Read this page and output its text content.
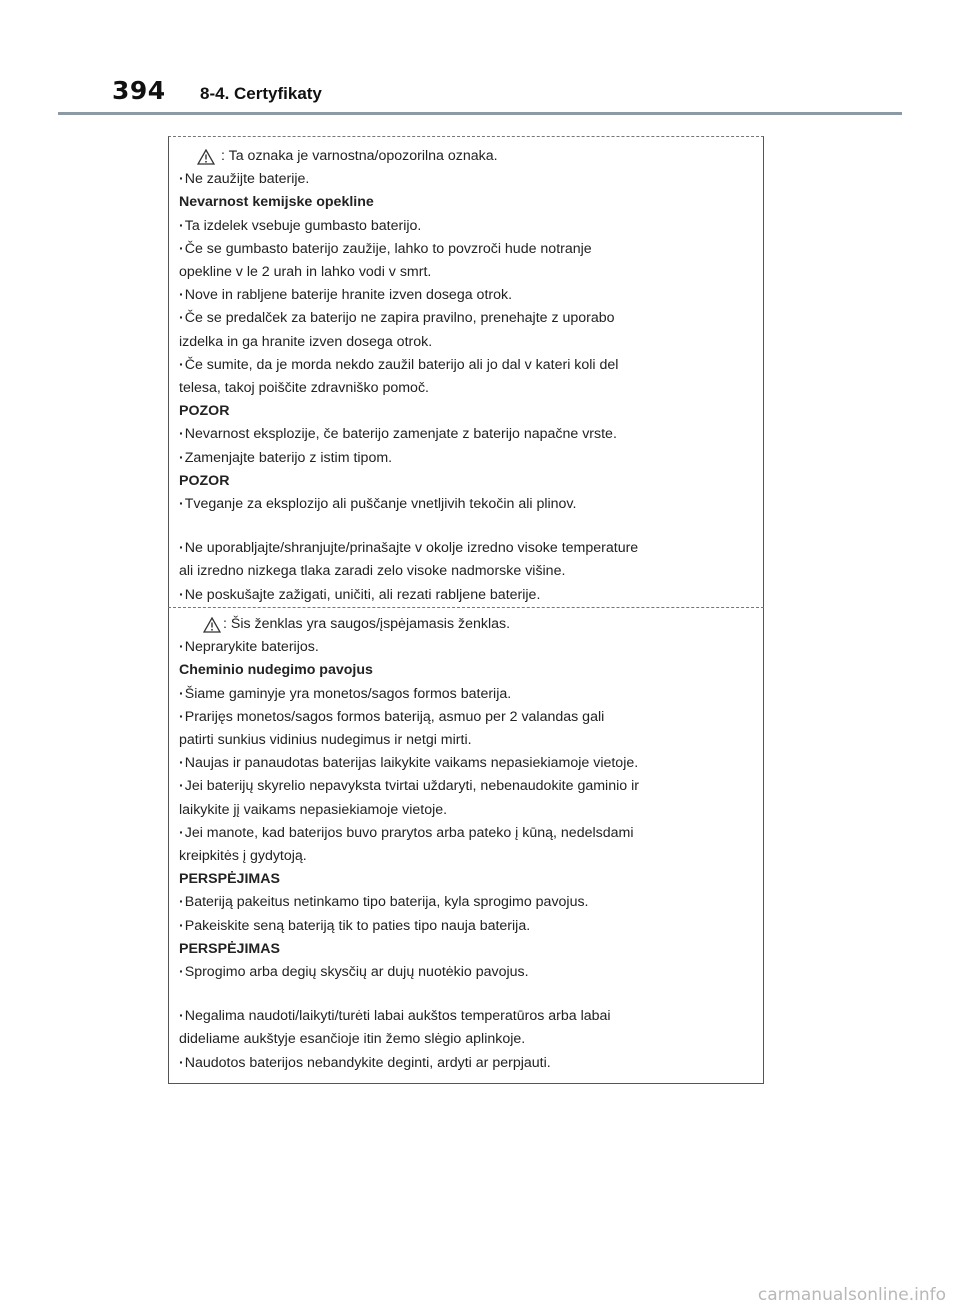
394 8-4. Certyfikaty
: Ta oznaka je varnostna/opozorilna oznaka.
· Ne zaužijte baterije.
Nevarnost kemijske opekline
· Ta izdelek vsebuje gumbasto baterijo.
· Če se gumbasto baterijo zaužije, lahko to povzroči hude notranje
opekline v le 2 urah in lahko vodi v smrt.
· Nove in rabljene baterije hranite izven dosega otrok.
· Če se predalček za baterijo ne zapira pravilno, prenehajte z uporabo
izdelka in ga hranite izven dosega otrok.
· Če sumite, da je morda nekdo zaužil baterijo ali jo dal v kateri koli del
telesa, takoj poiščite zdravniško pomoč.
POZOR
· Nevarnost eksplozije, če baterijo zamenjate z baterijo napačne vrste.
· Zamenjajte baterijo z istim tipom.
POZOR
· Tveganje za eksplozijo ali puščanje vnetljivih tekočin ali plinov.
· Ne uporabljajte/shranjujte/prinašajte v okolje izredno visoke temperature
ali izredno nizkega tlaka zaradi zelo visoke nadmorske višine.
· Ne poskušajte zažigati, uničiti, ali rezati rabljene baterije.
: Šis ženklas yra saugos/įspėjamasis ženklas.
· Neprarykite baterijos.
Cheminio nudegimo pavojus
· Šiame gaminyje yra monetos/sagos formos baterija.
· Prarijęs monetos/sagos formos bateriją, asmuo per 2 valandas gali
patirti sunkius vidinius nudegimus ir netgi mirti.
· Naujas ir panaudotas baterijas laikykite vaikams nepasiekiamoje vietoje.
· Jei baterijų skyrelio nepavyksta tvirtai uždaryti, nebenaudokite gaminio ir
laikykite jį vaikams nepasiekiamoje vietoje.
· Jei manote, kad baterijos buvo prarytos arba pateko į kūną, nedelsdami
kreipkitės į gydytoją.
PERSPĖJIMAS
· Bateriją pakeitus netinkamo tipo baterija, kyla sprogimo pavojus.
· Pakeiskite seną bateriją tik to paties tipo nauja baterija.
PERSPĖJIMAS
· Sprogimo arba degių skysčių ar dujų nuotėkio pavojus.
· Negalima naudoti/laikyti/turėti labai aukštos temperatūros arba labai
dideliame aukštyje esančioje itin žemo slėgio aplinkoje.
· Naudotos baterijos nebandykite deginti, ardyti ar perpjauti.
carmanualsonline.info
